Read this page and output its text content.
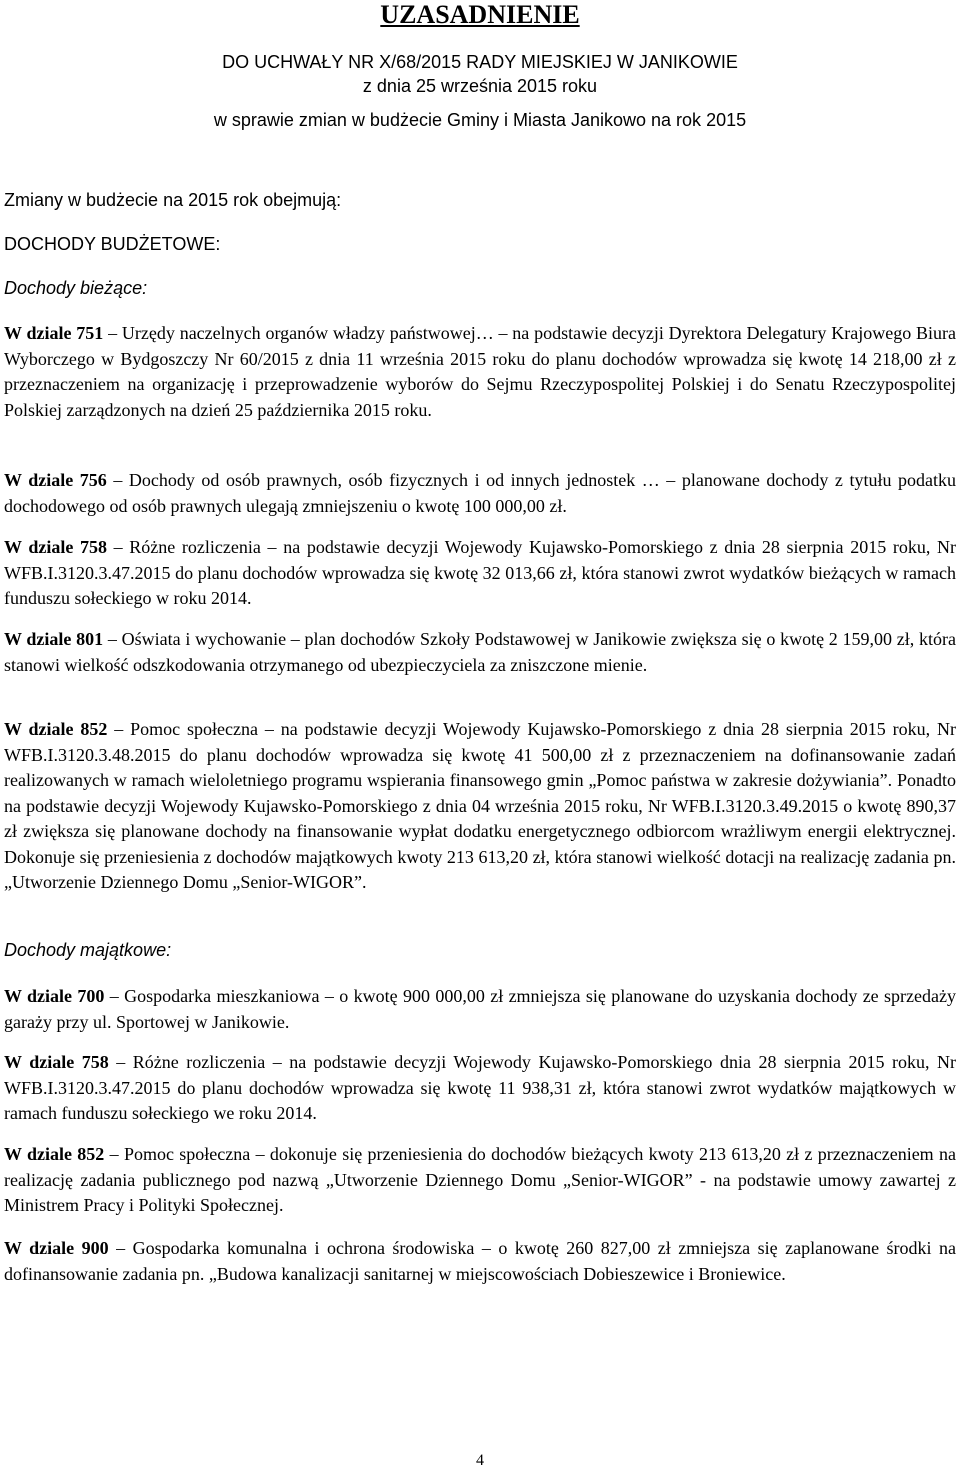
UZASADNIENIE
DO UCHWAŁY NR X/68/2015 RADY MIEJSKIEJ W JANIKOWIE
z dnia 25 września 2015 roku
w sprawie zmian w budżecie Gminy i Miasta Janikowo na rok 2015
Zmiany w budżecie na 2015 rok obejmują:
DOCHODY BUDŻETOWE:
Dochody bieżące:
W dziale 751 – Urzędy naczelnych organów władzy państwowej… – na podstawie decyzji Dyrektora Delegatury Krajowego Biura Wyborczego w Bydgoszczy Nr 60/2015 z dnia 11 września 2015 roku do planu dochodów wprowadza się kwotę 14 218,00 zł z przeznaczeniem na organizację i przeprowadzenie wyborów do Sejmu Rzeczypospolitej Polskiej i do Senatu Rzeczypospolitej Polskiej zarządzonych na dzień 25 października 2015 roku.
W dziale 756 – Dochody od osób prawnych, osób fizycznych i od innych jednostek … – planowane dochody z tytułu podatku dochodowego od osób prawnych ulegają zmniejszeniu o kwotę 100 000,00 zł.
W dziale 758 – Różne rozliczenia – na podstawie decyzji Wojewody Kujawsko-Pomorskiego z dnia 28 sierpnia 2015 roku, Nr WFB.I.3120.3.47.2015 do planu dochodów wprowadza się kwotę 32 013,66 zł, która stanowi zwrot wydatków bieżących w ramach funduszu sołeckiego w roku 2014.
W dziale 801 – Oświata i wychowanie – plan dochodów Szkoły Podstawowej w Janikowie zwiększa się o kwotę 2 159,00 zł, która stanowi wielkość odszkodowania otrzymanego od ubezpieczyciela za zniszczone mienie.
W dziale 852 – Pomoc społeczna – na podstawie decyzji Wojewody Kujawsko-Pomorskiego z dnia 28 sierpnia 2015 roku, Nr WFB.I.3120.3.48.2015 do planu dochodów wprowadza się kwotę 41 500,00 zł z przeznaczeniem na dofinansowanie zadań realizowanych w ramach wieloletniego programu wspierania finansowego gmin „Pomoc państwa w zakresie dożywiania”. Ponadto na podstawie decyzji Wojewody Kujawsko-Pomorskiego z dnia 04 września 2015 roku, Nr WFB.I.3120.3.49.2015 o kwotę 890,37 zł zwiększa się planowane dochody na finansowanie wypłat dodatku energetycznego odbiorcom wrażliwym energii elektrycznej. Dokonuje się przeniesienia z dochodów majątkowych kwoty 213 613,20 zł, która stanowi wielkość dotacji na realizację zadania pn. „Utworzenie Dziennego Domu „Senior-WIGOR”.
Dochody majątkowe:
W dziale 700 – Gospodarka mieszkaniowa – o kwotę 900 000,00 zł zmniejsza się planowane do uzyskania dochody ze sprzedaży garaży przy ul. Sportowej w Janikowie.
W dziale 758 – Różne rozliczenia – na podstawie decyzji Wojewody Kujawsko-Pomorskiego dnia 28 sierpnia 2015 roku, Nr WFB.I.3120.3.47.2015 do planu dochodów wprowadza się kwotę 11 938,31 zł, która stanowi zwrot wydatków majątkowych w ramach funduszu sołeckiego we roku 2014.
W dziale 852 – Pomoc społeczna – dokonuje się przeniesienia do dochodów bieżących kwoty 213 613,20 zł z przeznaczeniem na realizację zadania publicznego pod nazwą „Utworzenie Dziennego Domu „Senior-WIGOR” - na podstawie umowy zawartej z Ministrem Pracy i Polityki Społecznej.
W dziale 900 – Gospodarka komunalna i ochrona środowiska – o kwotę 260 827,00 zł zmniejsza się zaplanowane środki na dofinansowanie zadania pn. „Budowa kanalizacji sanitarnej w miejscowościach Dobieszewice i Broniewice.
4
